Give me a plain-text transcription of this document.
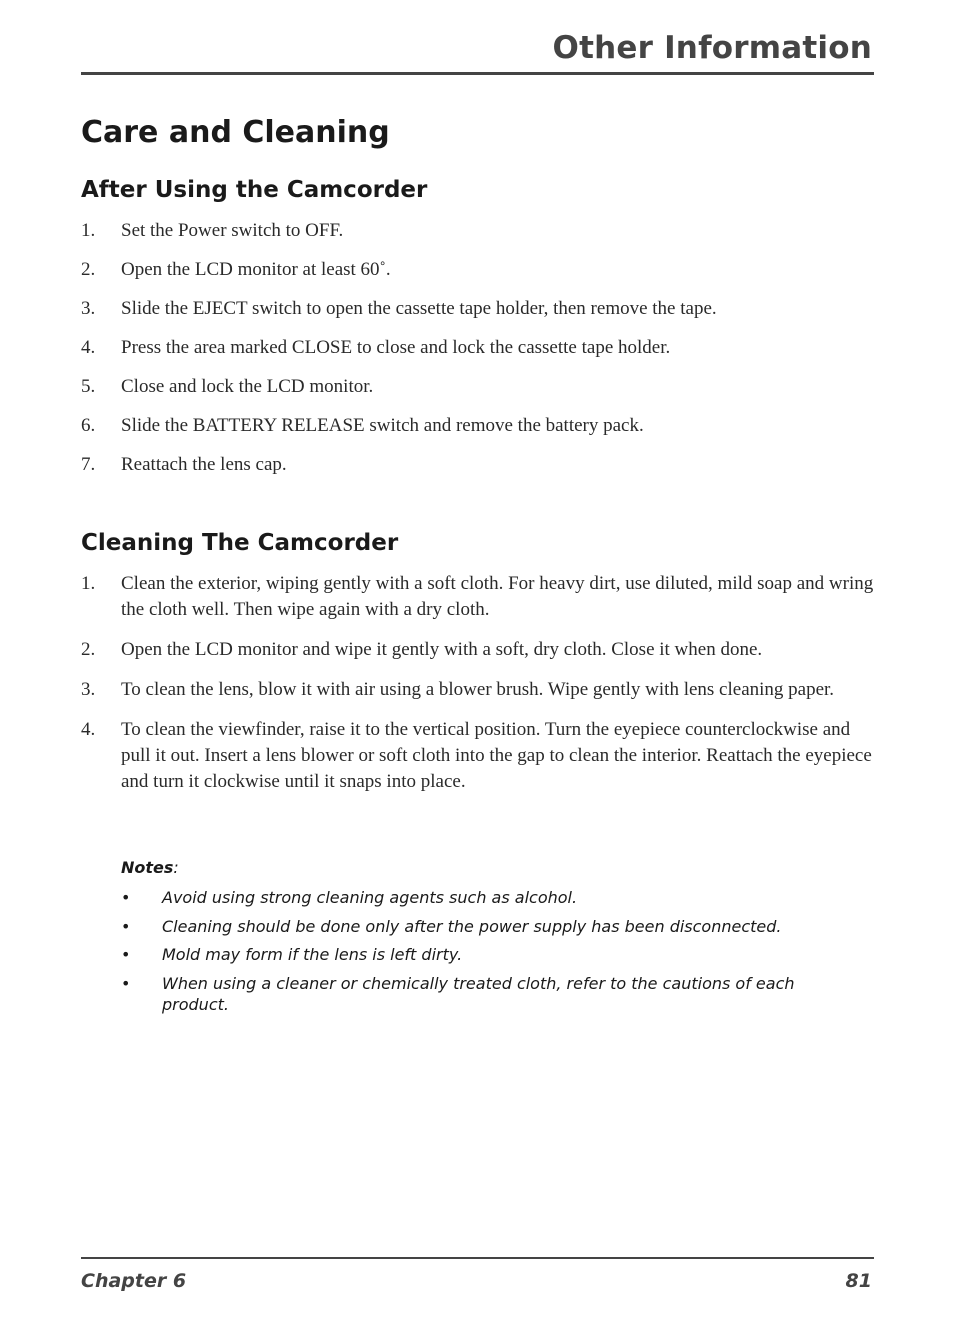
Other Information
Care and Cleaning
After Using the Camcorder
1.	Set the Power switch to OFF.
2.	Open the LCD monitor at least 60˚.
3.	Slide the EJECT switch to open the cassette tape holder, then remove the tape.
4.	Press the area marked CLOSE to close and lock the cassette tape holder.
5.	Close and lock the LCD monitor.
6.	Slide the BATTERY RELEASE switch and remove the battery pack.
7.	Reattach the lens cap.
Cleaning The Camcorder
1.	Clean the exterior, wiping gently with a soft cloth. For heavy dirt, use diluted, mild soap and wring the cloth well. Then wipe again with a dry cloth.
2.	Open the LCD monitor and wipe it gently with a soft, dry cloth. Close it when done.
3.	To clean the lens, blow it with air using a blower brush. Wipe gently with lens cleaning paper.
4.	To clean the viewfinder, raise it to the vertical position. Turn the eyepiece counterclockwise and pull it out. Insert a lens blower or soft cloth into the gap to clean the interior. Reattach the eyepiece and turn it clockwise until it snaps into place.
Notes:
•	Avoid using strong cleaning agents such as alcohol.
•	Cleaning should be done only after the power supply has been disconnected.
•	Mold may form if the lens is left dirty.
•	When using a cleaner or chemically treated cloth, refer to the cautions of each product.
Chapter 6	81
